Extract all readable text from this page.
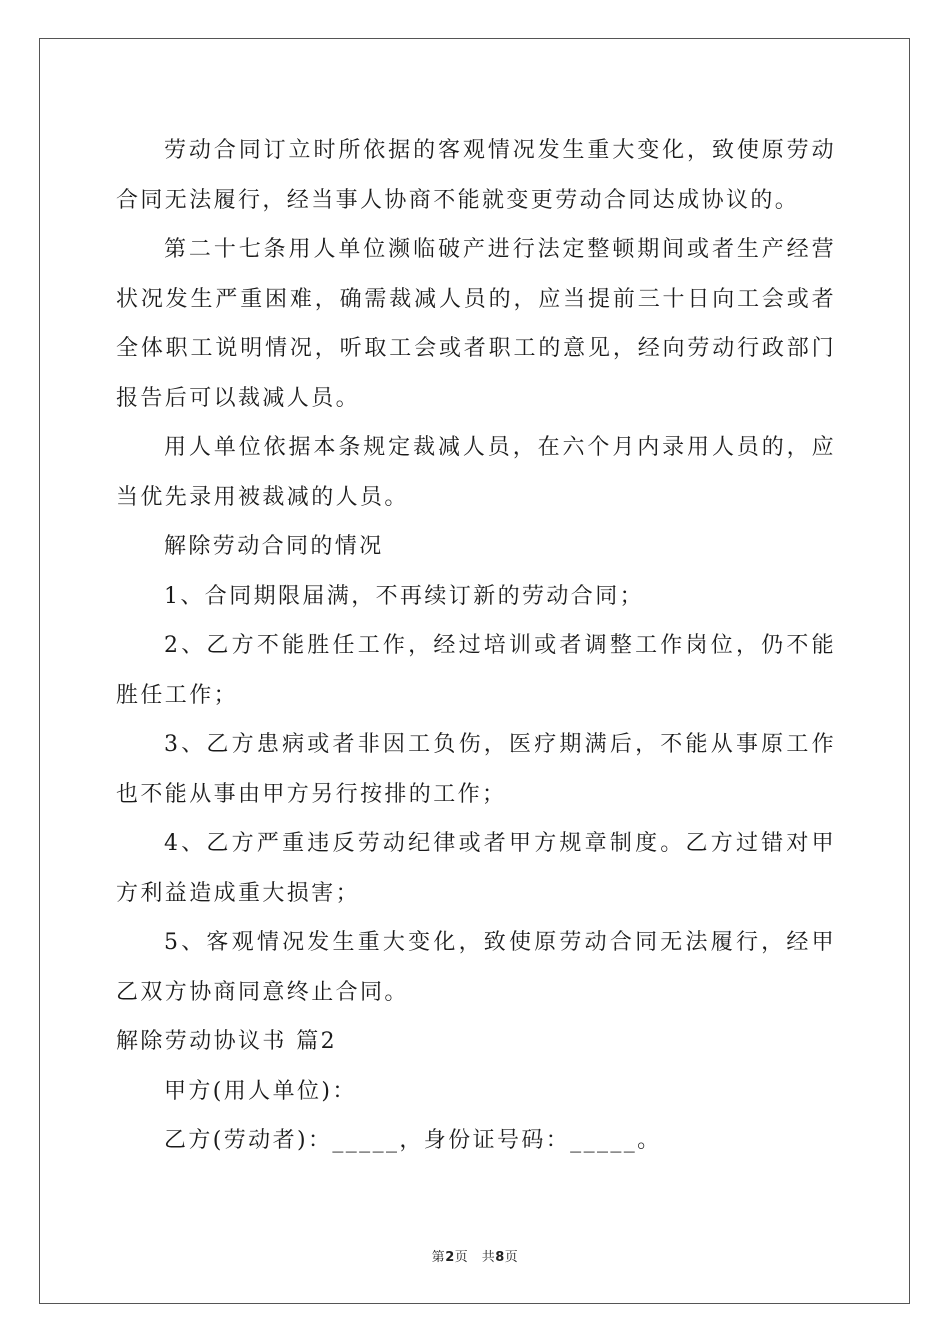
劳动合同订立时所依据的客观情况发生重大变化，致使原劳动合同无法履行，经当事人协商不能就变更劳动合同达成协议的。

第二十七条用人单位濒临破产进行法定整顿期间或者生产经营状况发生严重困难，确需裁减人员的，应当提前三十日向工会或者全体职工说明情况，听取工会或者职工的意见，经向劳动行政部门报告后可以裁减人员。

用人单位依据本条规定裁减人员，在六个月内录用人员的，应当优先录用被裁减的人员。

解除劳动合同的情况

1、合同期限届满，不再续订新的劳动合同；

2、乙方不能胜任工作，经过培训或者调整工作岗位，仍不能胜任工作；

3、乙方患病或者非因工负伤，医疗期满后，不能从事原工作也不能从事由甲方另行按排的工作；

4、乙方严重违反劳动纪律或者甲方规章制度。乙方过错对甲方利益造成重大损害；

5、客观情况发生重大变化，致使原劳动合同无法履行，经甲乙双方协商同意终止合同。

解除劳动协议书 篇2

甲方(用人单位)：

乙方(劳动者)：_____，身份证号码：_____。

第2页　共8页
